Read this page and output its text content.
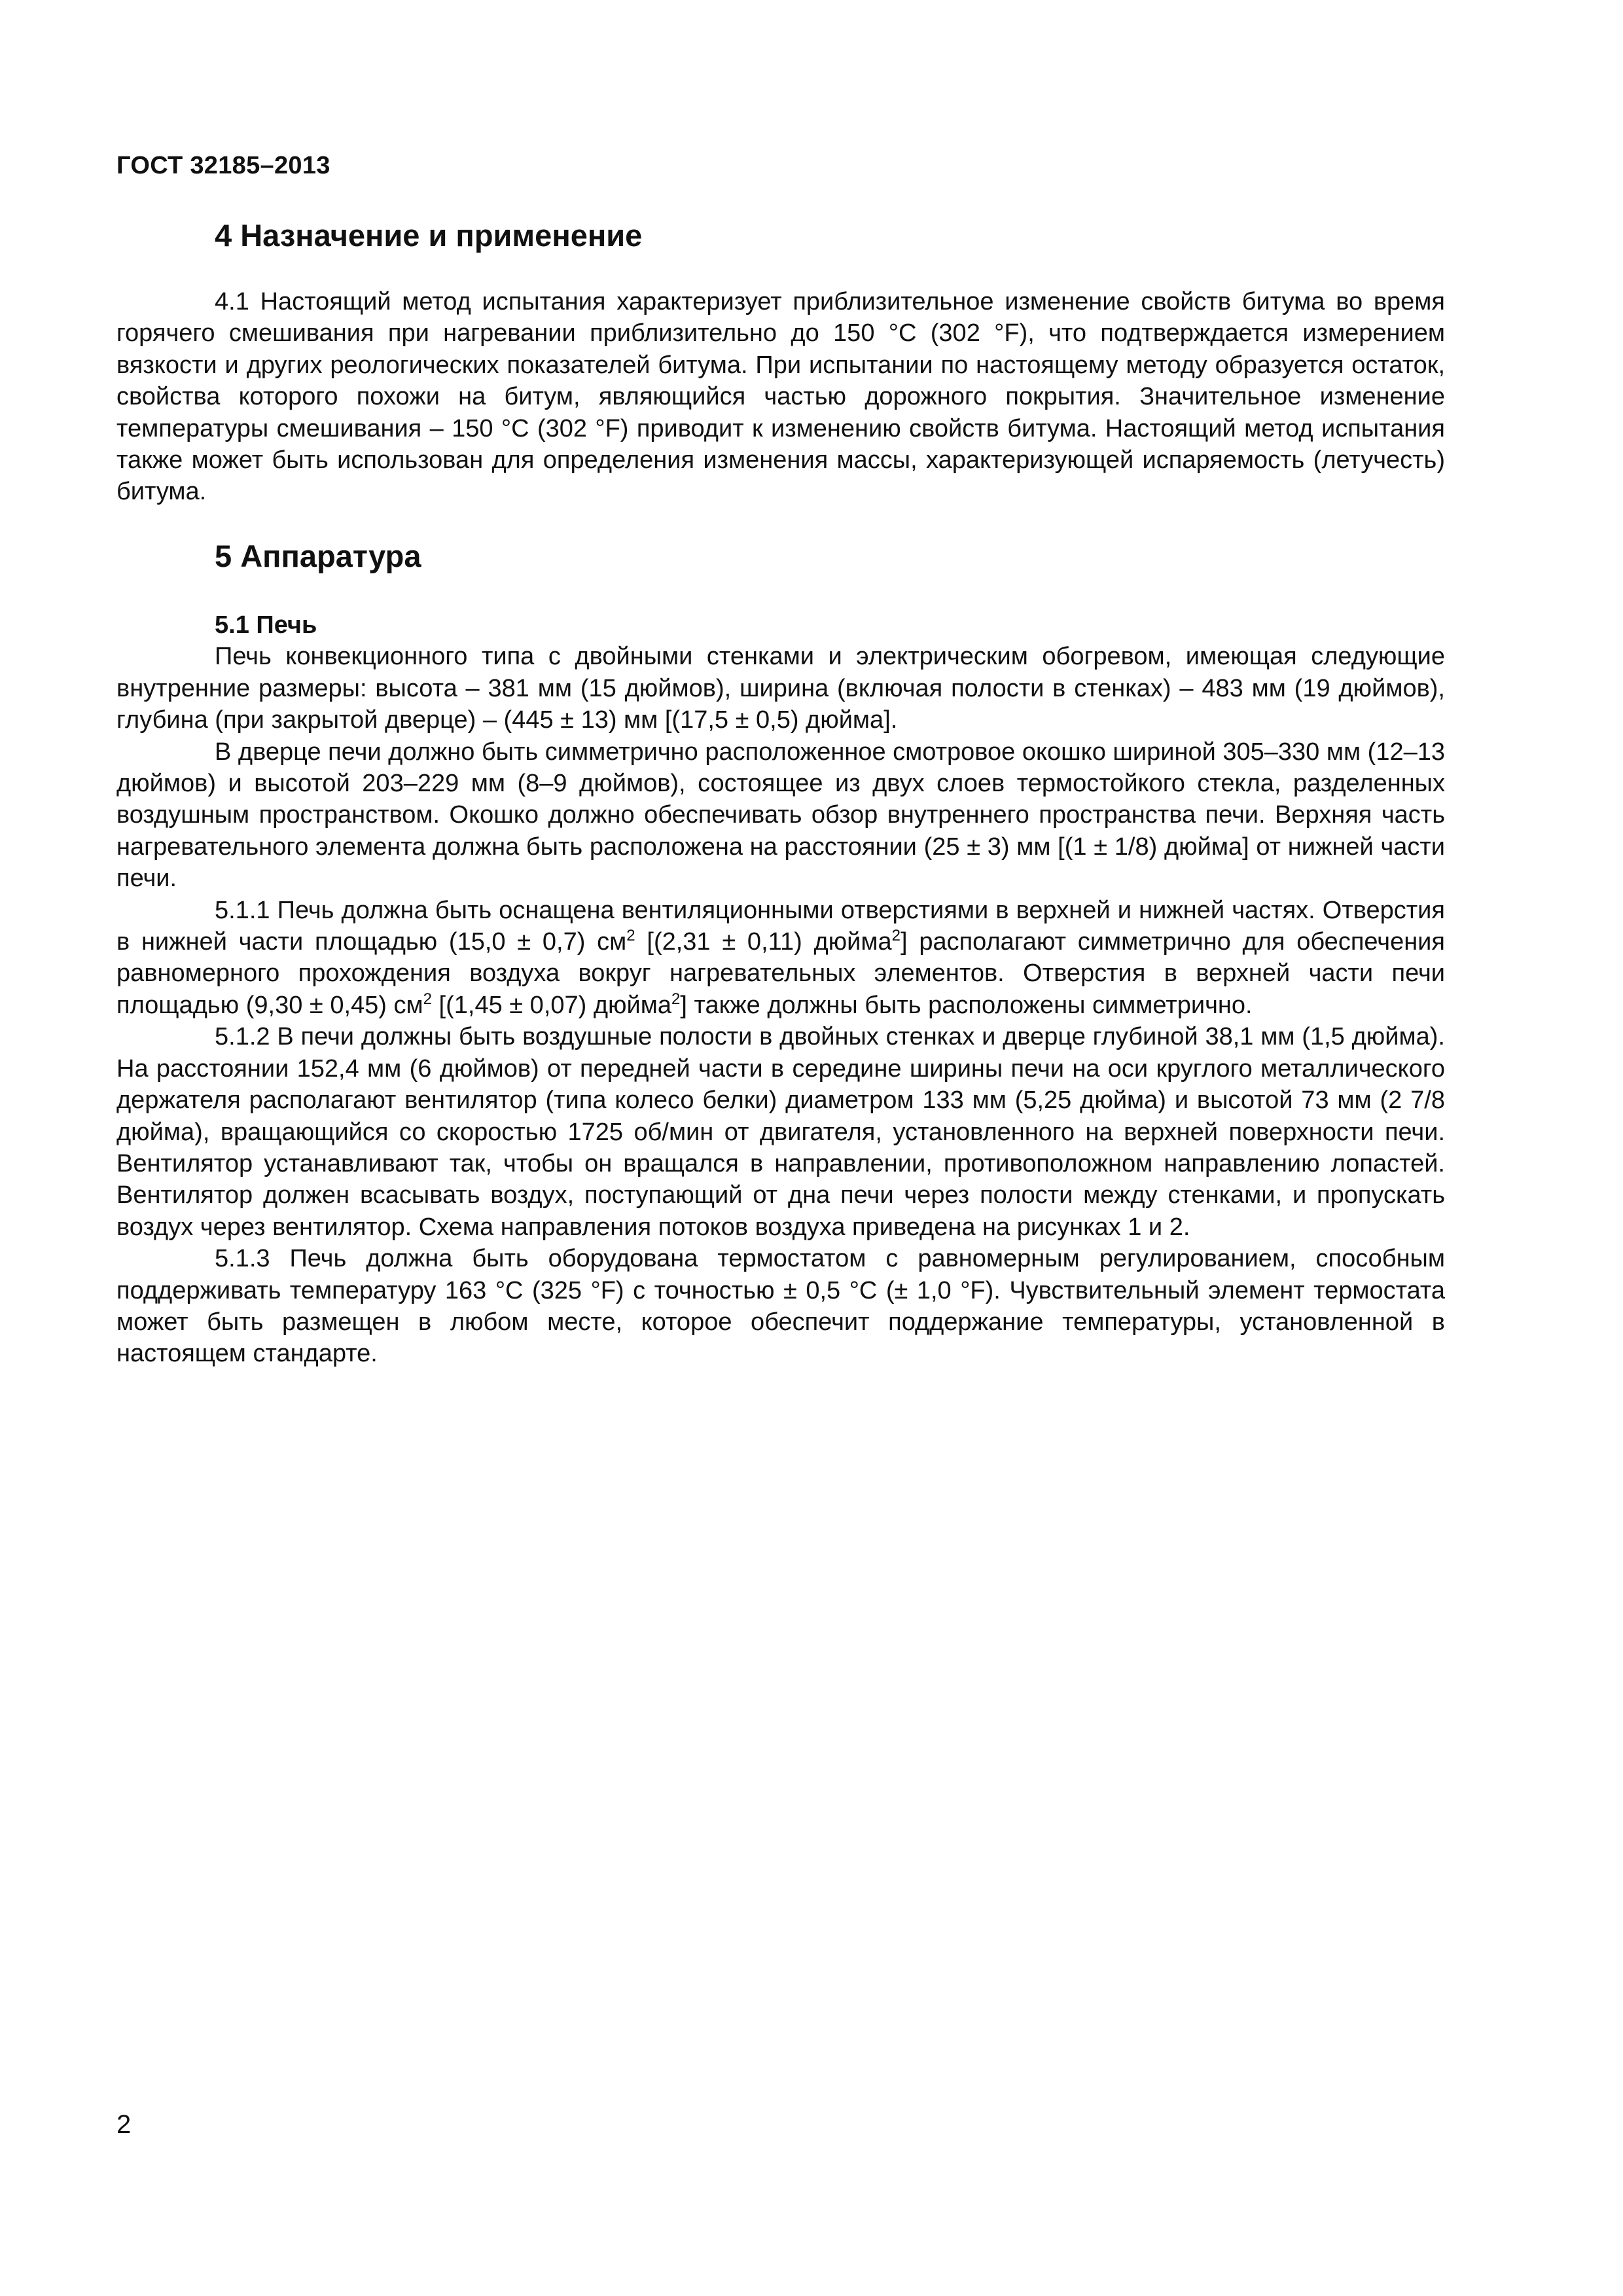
ГОСТ 32185–2013
4 Назначение и применение

4.1 Настоящий метод испытания характеризует приблизительное изменение свойств битума во время горячего смешивания при нагревании приблизительно до 150 °С (302 °F), что подтверждается измерением вязкости и других реологических показателей битума. При испытании по настоящему методу образуется остаток, свойства которого похожи на битум, являющийся частью дорожного покрытия. Значительное изменение температуры смешивания – 150 °С (302 °F) приводит к изменению свойств битума. Настоящий метод испытания также может быть использован для определения изменения массы, характеризующей испаряемость (летучесть) битума.

5 Аппаратура

5.1 Печь

Печь конвекционного типа с двойными стенками и электрическим обогревом, имеющая следующие внутренние размеры: высота – 381 мм (15 дюймов), ширина (включая полости в стенках) – 483 мм (19 дюймов), глубина (при закрытой дверце) – (445 ± 13) мм [(17,5 ± 0,5) дюйма].

В дверце печи должно быть симметрично расположенное смотровое окошко шириной 305–330 мм (12–13 дюймов) и высотой 203–229 мм (8–9 дюймов), состоящее из двух слоев термостойкого стекла, разделенных воздушным пространством. Окошко должно обеспечивать обзор внутреннего пространства печи. Верхняя часть нагревательного элемента должна быть расположена на расстоянии (25 ± 3) мм [(1 ± 1/8) дюйма] от нижней части печи.

5.1.1 Печь должна быть оснащена вентиляционными отверстиями в верхней и нижней частях. Отверстия в нижней части площадью (15,0 ± 0,7) $см^2$ [(2,31 ± 0,11) дюйма$^2$] располагают симметрично для обеспечения равномерного прохождения воздуха вокруг нагревательных элементов. Отверстия в верхней части печи площадью (9,30 ± 0,45) $см^2$ [(1,45 ± 0,07) дюйма$^2$] также должны быть расположены симметрично.

5.1.2 В печи должны быть воздушные полости в двойных стенках и дверце глубиной 38,1 мм (1,5 дюйма). На расстоянии 152,4 мм (6 дюймов) от передней части в середине ширины печи на оси круглого металлического держателя располагают вентилятор (типа колесо белки) диаметром 133 мм (5,25 дюйма) и высотой 73 мм (2 7/8 дюйма), вращающийся со скоростью 1725 об/мин от двигателя, установленного на верхней поверхности печи. Вентилятор устанавливают так, чтобы он вращался в направлении, противоположном направлению лопастей. Вентилятор должен всасывать воздух, поступающий от дна печи через полости между стенками, и пропускать воздух через вентилятор. Схема направления потоков воздуха приведена на рисунках 1 и 2.

5.1.3 Печь должна быть оборудована термостатом с равномерным регулированием, способным поддерживать температуру 163 °С (325 °F) с точностью ± 0,5 °С (± 1,0 °F). Чувствительный элемент термостата может быть размещен в любом месте, которое обеспечит поддержание температуры, установленной в настоящем стандарте.

2
